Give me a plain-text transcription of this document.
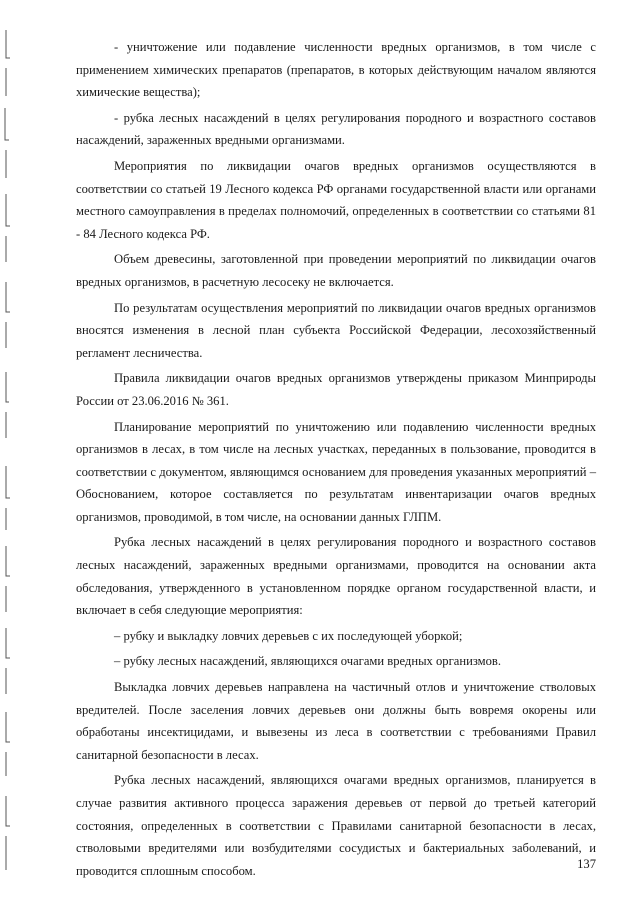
- уничтожение или подавление численности вредных организмов, в том числе с применением химических препаратов (препаратов, в которых действующим началом являются химические вещества);

- рубка лесных насаждений в целях регулирования породного и возрастного составов насаждений, зараженных вредными организмами.

Мероприятия по ликвидации очагов вредных организмов осуществляются в соответствии со статьей 19 Лесного кодекса РФ органами государственной власти или органами местного самоуправления в пределах полномочий, определенных в соответствии со статьями 81 - 84 Лесного кодекса РФ.

Объем древесины, заготовленной при проведении мероприятий по ликвидации очагов вредных организмов, в расчетную лесосеку не включается.

По результатам осуществления мероприятий по ликвидации очагов вредных организмов вносятся изменения в лесной план субъекта Российской Федерации, лесохозяйственный регламент лесничества.

Правила ликвидации очагов вредных организмов утверждены приказом Минприроды России от 23.06.2016 № 361.

Планирование мероприятий по уничтожению или подавлению численности вредных организмов в лесах, в том числе на лесных участках, переданных в пользование, проводится в соответствии с документом, являющимся основанием для проведения указанных мероприятий – Обоснованием, которое составляется по результатам инвентаризации очагов вредных организмов, проводимой, в том числе, на основании данных ГЛПМ.

Рубка лесных насаждений в целях регулирования породного и возрастного составов лесных насаждений, зараженных вредными организмами, проводится на основании акта обследования, утвержденного в установленном порядке органом государственной власти, и включает в себя следующие мероприятия:

– рубку и выкладку ловчих деревьев с их последующей уборкой;

– рубку лесных насаждений, являющихся очагами вредных организмов.

Выкладка ловчих деревьев направлена на частичный отлов и уничтожение стволовых вредителей. После заселения ловчих деревьев они должны быть вовремя окорены или обработаны инсектицидами, и вывезены из леса в соответствии с требованиями Правил санитарной безопасности в лесах.

Рубка лесных насаждений, являющихся очагами вредных организмов, планируется в случае развития активного процесса заражения деревьев от первой до третьей категорий состояния, определенных в соответствии с Правилами санитарной безопасности в лесах, стволовыми вредителями или возбудителями сосудистых и бактериальных заболеваний, и проводится сплошным способом.	137
